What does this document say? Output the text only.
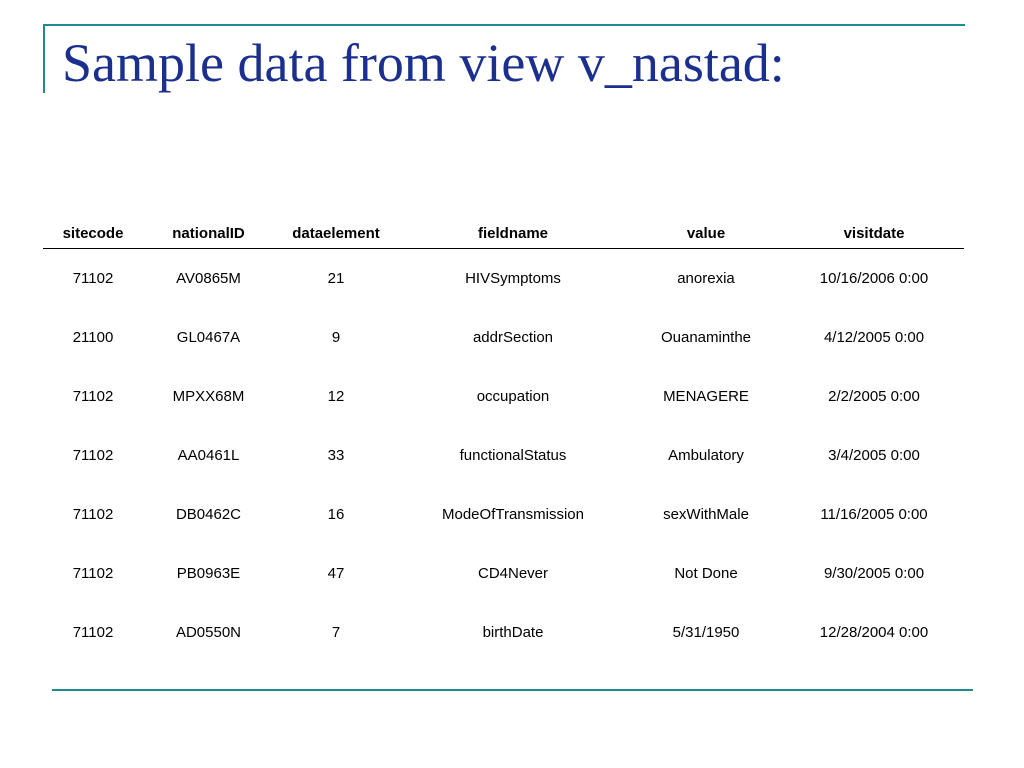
Sample data from view v_nastad:
sitecode	nationalID	dataelement	fieldname	value	visitdate
71102	AV0865M	21	HIVSymptoms	anorexia	10/16/2006 0:00
21100	GL0467A	9	addrSection	Ouanaminthe	4/12/2005 0:00
71102	MPXX68M	12	occupation	MENAGERE	2/2/2005 0:00
71102	AA0461L	33	functionalStatus	Ambulatory	3/4/2005 0:00
71102	DB0462C	16	ModeOfTransmission	sexWithMale	11/16/2005 0:00
71102	PB0963E	47	CD4Never	Not Done	9/30/2005 0:00
71102	AD0550N	7	birthDate	5/31/1950	12/28/2004 0:00
